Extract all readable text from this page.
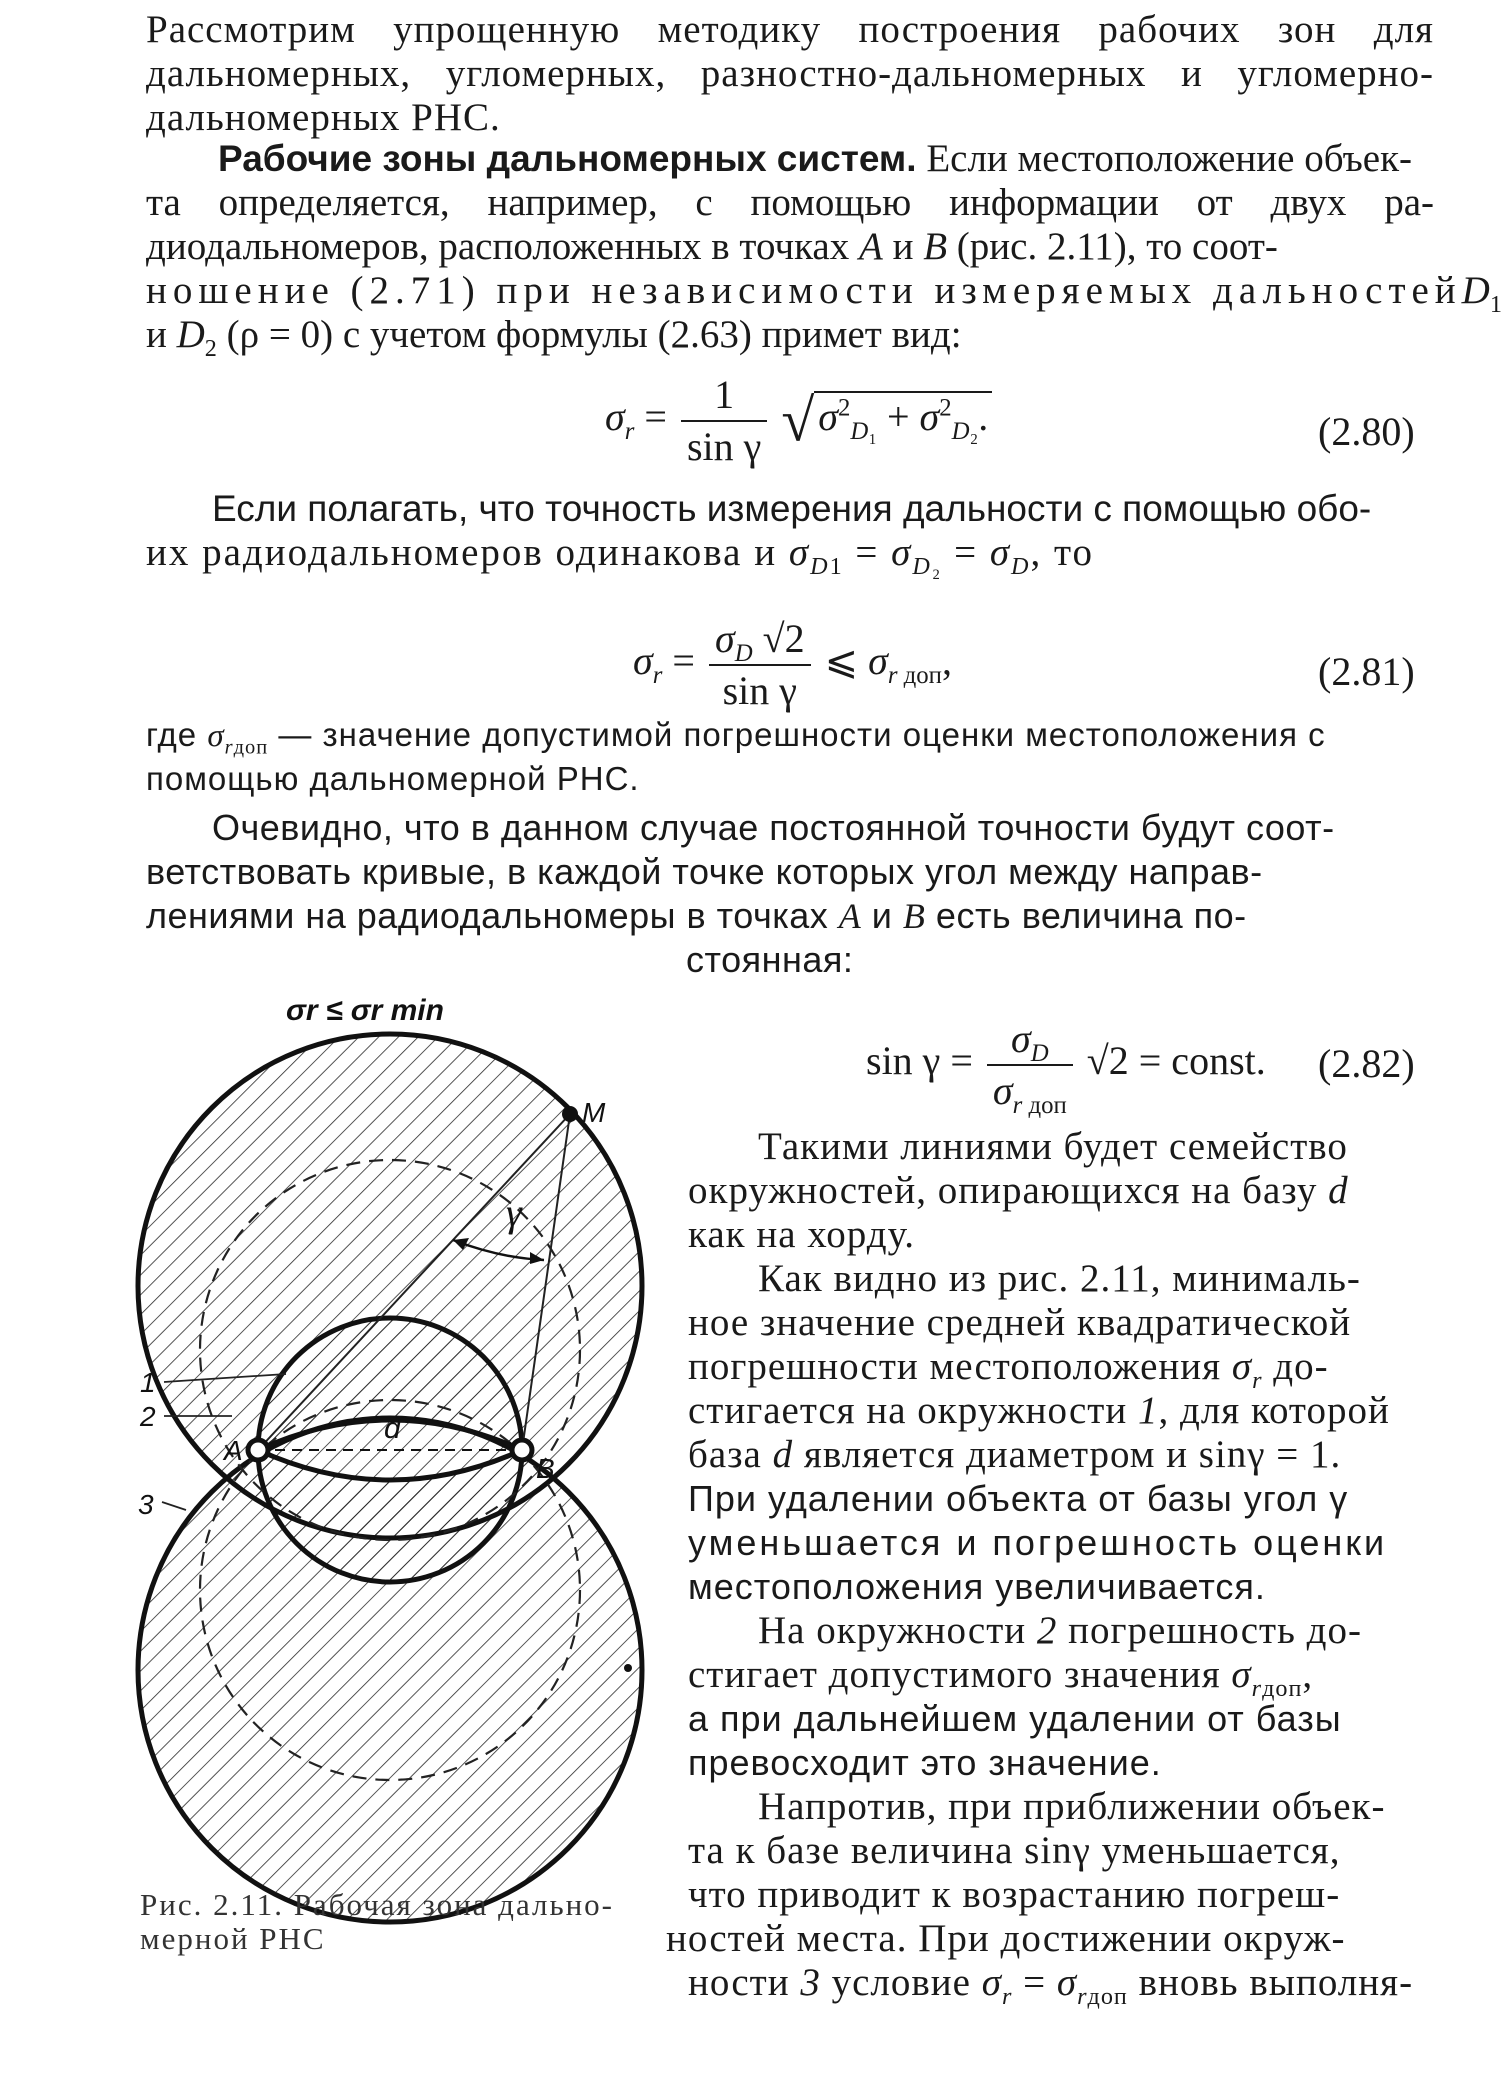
Рассмотрим упрощенную методику построения рабочих зон для
дальномерных, угломерных, разностно-дальномерных и угломерно-
дальномерных РНС.
Рабочие зоны дальномерных систем. Если местоположение объек-
та определяется, например, с помощью информации от двух ра-
диодальномеров, расположенных в точках A и B (рис. 2.11), то соот-
ношение (2.71) при независимости измеряемых дальностей $D_1$
и $D_2$ (ρ = 0) с учетом формулы (2.63) примет вид:
$\sigma_r = \frac{1}{\text{sin γ}}$ √ $\sigma^2_{D_1} + \sigma^2_{D_2}$.	(2.80)
Если полагать, что точность измерения дальности с помощью обо-
их радиодальномеров одинакова и $\sigma_{D1} = \sigma_{D_2} = \sigma_D$, то
$\sigma_r = \frac{\sigma_D √2}{\text{sin γ}}$ ⩽ $\sigma_{r доп}$,	(2.81)
где $\sigma_{rдоп}$ — значение допустимой погрешности оценки местоположения с
помощью дальномерной РНС.
Очевидно, что в данном случае постоянной точности будут соот-
ветствовать кривые, в каждой точке которых угол между направ-
лениями на радиодальномеры в точках A и B есть величина по-
стоянная:
$\sin \gamma = \frac{\sigma_D}{\sigma_{r доп}} √2$ = const. (2.82)
Такими линиями будет семейство
окружностей, опирающихся на базу d
как на хорду.
Как видно из рис. 2.11, минималь-
ное значение средней квадратической
погрешности местоположения $\sigma_r$ до-
стигается на окружности 1, для которой
база d является диаметром и sinγ = 1.
При удалении объекта от базы угол γ
уменьшается и погрешность оценки
местоположения увеличивается.
На окружности 2 погрешность до-
стигает допустимого значения $\sigma_{rдоп}$,
а при дальнейшем удалении от базы
превосходит это значение.
Напротив, при приближении объек-
та к базе величина sinγ уменьшается,
что приводит к возрастанию погреш-
ностей места. При достижении окруж-
ности 3 условие $\sigma_r = \sigma_{rдоп}$ вновь выполня-
σr ≤ σr min
M
γ
A
B
d
1
2
3
Рис. 2.11. Рабочая зона дально-
мерной РНС
